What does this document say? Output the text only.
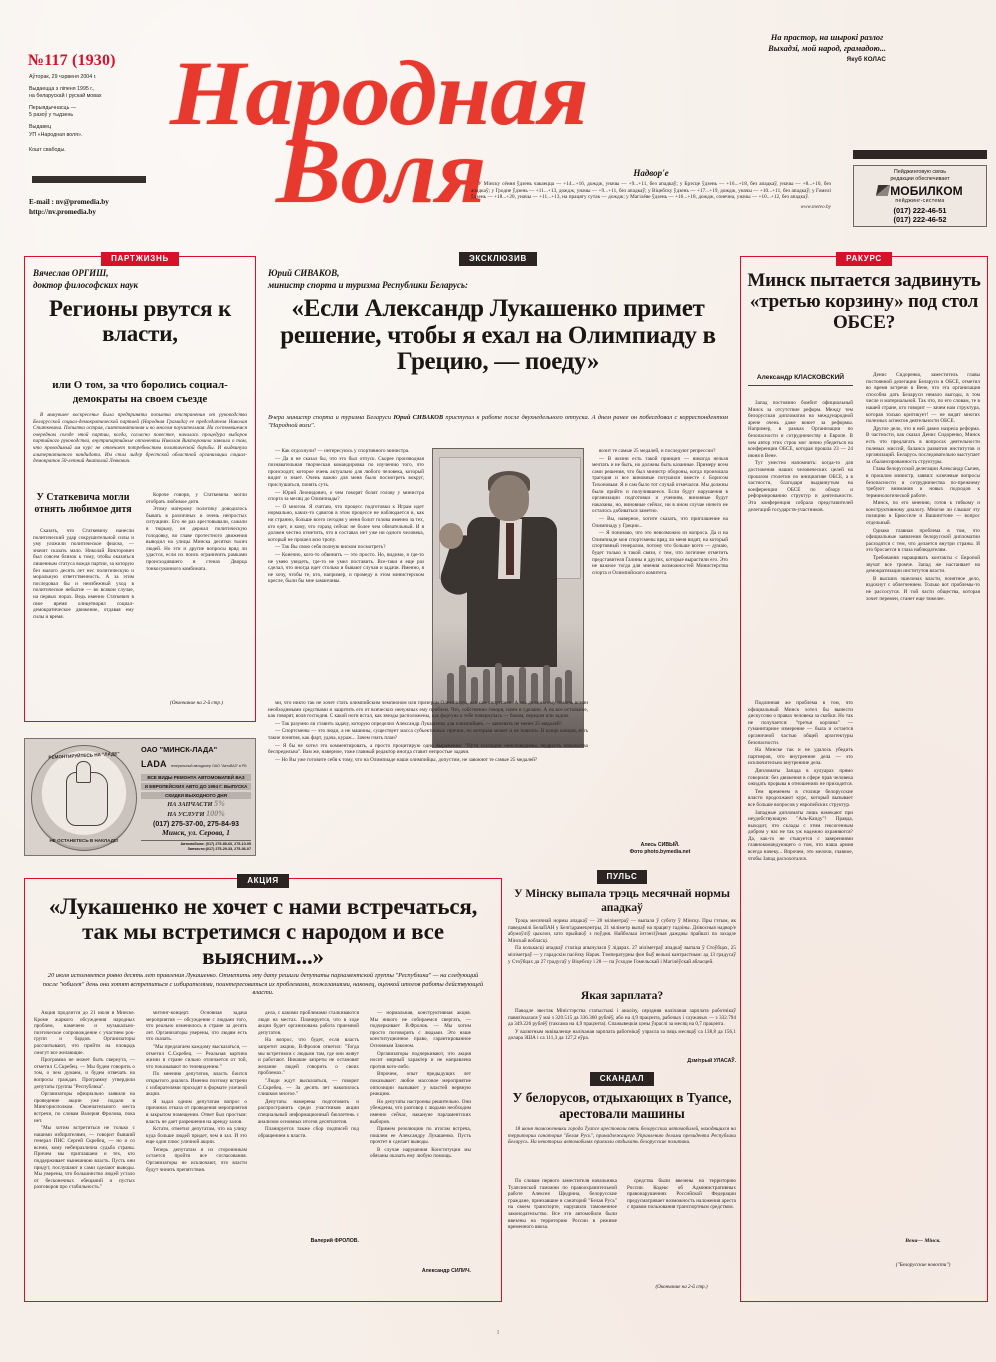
№117 (1930)
Аўторак, 29 чэрвеня 2004 г.
Выдаецца з лiпеня 1995 г.,
на беларускай i рускай мовах
Перыядычнасць —
5 разоў у тыдзень
Выдавец
УП «Народная воля».
Кошт свабоды.
E-mail : nv@promedia.by
http://nv.promedia.by
На прастор, на шырокi разлог
Выхадзi, мой народ, грамадою...
Якуб КОЛАС
Народная
Воля	Надвор'е

У Мiнску сёння ўдзень чакаецца — +14...+16, дождж, уначы — +9...+11, без ападкаў; у Брэсце ўдзень — +16...+18, без ападкаў, уначы — +8...+10, без ападкаў; у Гродне ўдзень — +11...+13, дождж, уначы — +9...+11, без ападкаў; у Вiцебску ўдзень — +17...+19, дождж, уначы — +10...+11, без ападкаў; у Гомелi ўдзень — +18...+20, уначы — +11...+13, на працягу сутак — дождж; у Магiлёве ўдзень — +16...+18, дождж, сонечна, уначы — +10...+12, без ападкаў.

www.meteo.by
Пейджинговую связь
редакции обеспечивает
МОБИЛКОМ
пейджинг-система
(017) 222-46-51
(017) 222-46-52
ПАРТЖИЗНЬ
Вячеслав ОРГИШ,
доктор философских наук
Регионы рвутся к власти,
или О том, за что боролись социал-демократы на своем съезде

В минувшее воскресенье была предпринята попытка отстранения от руководства Белорусской социал-демократической партией (Народная Грамада) ее председателя Николая Статкевича. Попытка острая, симптоматичная и во многом поучительная. На состоявшемся очередном съезде этой партии, когда, согласно повестке, началась процедура выборов партийного руководства, внутрипартийные оппоненты Николая Викторовича заявили о том, что проводимый им курс не отвечает потребностям политической борьбы. И выдвинули альтернативного кандидата. Им стал лидер брестской областной организации социал-демократов 50-летний Анатолий Левкович.

У Статкевича могли отнять любимое дитя

Сказать, что Статкевичу нанесли политический удар сокрушительной силы и уму уложили политическое фиаско, — значит сказать мало. Николай Викторович был совсем близок к тому, чтобы оказаться лишенным статуса вождя партии, за которую без малого десять лет нес политическую и моральную ответственность. А за этим последовал бы и неизбежный уход в политическое небытие — во всяком случае, на первых порах. Ведь именно Статкевич в свое время олицетворял социал-демократическое движение, отдавая ему силы и время.

Короче говоря, у Статкевича могли отобрать любимое дитя.

Этому матерому политику доводилось бывать в различных и очень непростых ситуациях. Его не раз арестовывали, сажали в тюрьму, он держал политическую голодовку, во главе протестного движения выводил на улицы Минска десятки тысяч людей. Но эти и другие вопросы вряд ли удастся, если их поиск ограничить рамками происходившего в стенах Дворца тонкосуконного комбината.

(Окончание на 2-й стр.)
РЕМОНТИРУЙТЕСЬ НА "ЛАДЕ"
НЕ ОСТАНЕТЕСЬ В НАКЛАДЕ!
ОАО "МИНСК-ЛАДА"
LADA генеральный автодилер ОАО "АвтоВАЗ" в РБ
ВСЕ ВИДЫ РЕМОНТА АВТОМОБИЛЕЙ ВАЗ
И ЕВРОПЕЙСКИХ АВТО ДО 1994 Г. ВЫПУСКА
СКИДКИ ВЫХОДНОГО ДНЯ
НА ЗАПЧАСТИ 5%
НА УСЛУГИ 100%
(017) 275-37-00, 275-84-93
Минск, ул. Серова, 1
Автомобили: (017) 275-85-60, 275-10-05
Запчасти:(017) 275-29-33, 275-36-07
ЭКСКЛЮЗИВ
Юрий СИВАКОВ,
министр спорта и туризма Республики Беларусь:
«Если Александр Лукашенко примет решение, чтобы я ехал на Олимпиаду в Грецию, — поеду»
Вчера министр спорта и туризма Беларуси Юрий СИВАКОВ приступил к работе после двухнедельного отпуска. А днем ранее он побеседовал с корреспондентом "Народной воли".

— Как отдохнули? — интересуюсь у спортивного министра.

— Да и не сказал бы, что это был отпуск. Скорее производная познавательная творческая командировка по изучению того, что происходит, которое очень актуально для любого человека, который видит и знает. Очень важно для меня было посмотреть вокруг, прислушаться, понять суть.

— Юрий Леонидович, о чем говорят болят голову у министра спорта за месяц до Олимпиады?

— О многом. Я считаю, что процесс подготовки к Играм идет нормально, каких-то сдвигов в этом процессе не наблюдается и, как ни странно, больше всего сегодня у меня болит голова именно за тех, кто едет, и кому, что горазд сейчас не более чем обязательный. И я должен честно отметить, что в составах нет уже ни одного человека, который не прошел всю тропу.

— Так Вы свою себя полную виском посмотреть?

— Конечно, кого-то обвинить — это просто. Но, видимо, я где-то не умею увидеть, где-то не умел поставить. Все-таки я еще раз сделал, что иногда идет столько и бывают случаи и задачи. Именно, я не хочу, чтобы те, кто, например, и промеду в этом министерском кресле, были бы мне заманчивы.

возит те самые 25 медалей, и последуют репрессии?

— В жизни есть такой принцип — никогда нельзя мечтать и не быть, но должны быть казанные. Примеру всем сами решения, что был министр обороны, когда произошла трагедия и все виновные потушили вместе с Борисом Тихоновым. Я и сам было тот случай отмечался. Мы должны были прийти и получившееся. Если будут нарушения в организации подготовки и учениям, виновные будут наказаны, но, виновные сейчас, ни в ином случае ничего не осталось добиваться заметно.

— Вы, наверное, хотите сказать, что приглашение на Олимпиаду у Греции...

— Я понимаю, что это невозможно из вопроса. Да и на Олимпиаде мои спортсмены вряд ли меня видят, на который спортивный генералом, потому что больше всего — думаю, будет только в такой связи, с тем, что логичнее отметить представителя Галины и других, которые вырастили его. Это не важное тогда для мнения возможностей Министерства спорта и Олимпийского комитета.

ми, что никто так не хочет стать олимпийским чемпионом или призером Олимпиады, как сам спортсмен. А мы должны ему помочь всеми необходимыми средствами и защитить его от всяческих ненужных ему проблем. Что, собственно говоря, нами и сделано. А на все остальное, как говорят, воля господня. С какой ноги встал, как звезды расположены, как фортуна к тебе повернулась — боком, передом или задом.

— Так разумно ли ставить задачу, которую определил Александр Лукашенко для олимпийцев, — завоевать не менее 25 медалей?

— Спортсмены — это люди, а не машины, существует масса субъективных причин, по которым может и не повезти. В конце концов, есть такие понятия, как фарт, удача, кураж... Зачем гнать план?

— Я бы не хотел это комментировать, а просто процитирую одно выражение: "Пути господни неисповедимы, мудрость начальства беспредельна". Вам же, наверное, тоже главный редактор иногда ставит непростые задачи.

— Но Вы уже готовите себя к тому, что на Олимпиаде наши олимпийцы, допустим, не завоюют те самые 25 медалей?

Алесь СИВЫЙ.
Фото photo.bymedia.net
ПУЛЬС
У Мiнску выпала трэць месячнай нормы ападкаў

Трэць месячнай нормы ападкаў — 28 мiлiметраў — выпала ў суботу ў Мiнску. Пры гэтым, як паведамiлi БелаПАН у Белгiдрамецэнтры, 21 мiлiметр выпаў на працягу гадзiны. Дзiвосныя надвор'е абумоўлiў цыклон, што прыйшоў з поўдня. Найбольш iнтэнсiўныя дажджы прайшлi па захадзе Мiнскай вобласцi.

Па колькасцi ападкаў сталiца апынулася ў лiдарах. 27 мiлiметраў ападкаў выпала ў Стоўбцах, 25 мiлiметраў — у гарадскiм пасёлку Нарач. Тэмпературны фон быў вельмi кантрастным: ад 13 градусаў у Стоўбцах да 27 градусаў у Вiцебску i 28 — па ўсходзе Гомельскай i Магiлёўскай абласцей.

Якая зарплата?

Паводле звестак Мiнiстэрства статыстыкi i аналiзу, сярэдняя налiчаная зарплата работнiкаў павялiчылася ў маi з 320.515 да 336.360 рублёў, або на 4,9 працэнта, рабочых i служачых — з 332.794 да 349.226 рублёў (таксама на 4,9 працэнта). Спажывецкiя цэны ўзраслi за месяц на 0,7 працэнта.

У валютным эквiваленце налiчаная зарплата работнiкаў узрасла за пяць месяцаў са 138,8 да 156,1 долара ЗША i са 111,3 да 127,2 еўра.

Дзмiтрый УЛАСАЎ.
СКАНДАЛ
У белорусов, отдыхающих в Туапсе, арестовали машины

18 июня таможенники города Туапсе арестовали пять белорусских автомобилей, находящихся на территории санатория "Белая Русь", принадлежащего Управлению делами президента Республики Беларусь. На некоторых автомобилях приехали отдыхать белорусские политики.

По словам первого заместителя начальника Туапсинской таможни по правоохранительной работе Алексея Щедрина, белорусские граждане, приехавшие в санаторий "Белая Русь" на своем транспорте, нарушили таможенное законодательство. Все эти автомобили были ввезены на территорию России в режиме временного ввоза.

средства были ввезены на территорию России. Кодекс об Административных правонарушениях Российской Федерации предусматривает возможность наложения ареста с правом пользования транспортным средством.

(Окончание на 2-й стр.)
АКЦИЯ
«Лукашенко не хочет с нами встречаться, так мы встретимся с народом и все выясним...»
20 июля исполняется ровно десять лет правления Лукашенко. Отметить эту дату решили депутаты парламентской группы "Республика" — на следующий после "юбилея" день они хотят встретиться с избирателями, поинтересоваться их проблемами, пожеланиями, наконец, оценкой итогов работы действующей власти.

Акция продлится до 21 июля в Минске. Кроме жаркого обсуждения народных проблем, намечено и музыкально-поэтическое сопровождение с участием рок-групп и бардов. Организаторы рассчитывают, что прийти на площадь смогут все желающие.

Программа не может быть свернута, — отметил С.Скребец. — Мы будем говорить о том, о чем думаем, и будем отвечать на вопросы граждан. Программу утвердили депутаты группы "Республика".

Организаторы официально заявили на проведение акции уже подали в Мингорисполком. Окончательного места встречи, по словам Валерия Фролова, пока нет.

"Мы хотим встретиться не только с нашими избирателями, — говорит бывший генерал ПНС Сергей Скребец, — но и со всеми, кому небезразлична судьба страны. Причем мы приглашаем и тех, кто поддерживает нынешнюю власть. Пусть они придут, послушают и сами сделают выводы. Мы уверены, что большинство людей устало от бесконечных обещаний и пустых разговоров про стабильность."

митинг-концерт. Основная задача мероприятия — обсуждение с людьми того, что реально изменилось в стране за десять лет. Организаторы уверены, что людям есть что сказать.

"Мы предлагаем каждому высказаться, — отметил С.Скребец. — Реальная картина жизни в стране сильно отличается от той, что показывают по телевидению."

По мнению депутатов, власть боится открытого диалога. Именно поэтому встречи с избирателями проходят в формате уличной акции.

Я задал одним депутатам вопрос о причинах отказа от проведения мероприятия в закрытом помещении. Ответ был простым: власть не дает разрешения на аренду залов.

Кстати, отметил депутатам, что на улицу куда больше людей придет, чем в зал. И это еще один плюс уличной акции.

Теперь депутатам и их сторонникам остается пройти все согласования. Организаторы не исключают, что власти будут чинить препятствия.

дела, с какими проблемами сталкиваются люди на местах. Планируется, что в ходе акции будет организована работа приемной депутатов.

На вопрос, что будет, если власть запретит акцию, В.Фролов ответил: "Тогда мы встретимся с людьми там, где они живут и работают. Никакие запреты не остановят желание людей говорить о своих проблемах."

"Люди ждут высказаться, — говорит С.Скребец. — За десять лет накопилось слишком многое."

Депутаты намерены подготовить и распространить среди участников акции специальный информационный бюллетень с анализом основных итогов десятилетия.

Планируется также сбор подписей под обращением к власти.

— нормальная, конструктивная акция. Мы никого не собираемся свергать, — подчеркивает В.Фролов. — Мы хотим просто поговорить с людьми. Это наше конституционное право, гарантированное Основным Законом.

Организаторы подчеркивают, что акция носит мирный характер и не направлена против кого-либо.

Впрочем, опыт предыдущих лет показывает: любое массовое мероприятие оппозиции вызывает у властей нервную реакцию.

Но депутаты настроены решительно. Они убеждены, что разговор с людьми необходим именно сейчас, накануне парламентских выборов.

Примем резолюцию по итогам встреча, пошлем ее Александру Лукашенко. Пусть прочтет и сделает выводы.

В случае нарушения Конституции мы обязаны оказать ему любую помощь.

Валерий ФРОЛОВ.
Александр СИЛИЧ.
РАКУРС
Минск пытается задвинуть «третью корзину» под стол ОБСЕ?
Александр КЛАСКОВСКИЙ

Запад постоянно бомбит официальный Минск за отсутствие реформ. Между тем белорусская дипломатия на международной арене очень даже воюет за реформы. Например, в рамках Организации по безопасности и сотрудничеству в Европе. В чем автор этих строк мог лично убедиться на конференции ОБСЕ, которая прошла 23 — 24 июня в Вене.

Тут уместно напомнить: когда-то для достижения наших человеческих целей на прошлом столетии по инициативе ОБСЕ, а в частности, благодаря выдвинутым на конференции ОБСЕ по обзору и реформированию структур и деятельности. Эта конференция собрала представителей делегаций государств-участников.

Денис Сидоренко, заместитель главы постоянной делегации Беларуси в ОБСЕ, отметил во время встречи в Вене, что эта организация способна дать Беларуси немало выгоды, в том числе и материальной. Так что, по его словам, те в нашей стране, кто говорит — зачем нам структура, которая только критикует! — не видят многих полезных аспектов деятельности ОБСЕ.

Другое дело, что в ней давно назрела реформа. В частности, как сказал Денис Сидоренко, Минск есть что предлагать в вопросах деятельности полевых миссий, баланса развития институтов и организаций. Беларусь последовательно выступает за сбалансированность структуры.

Глава белорусской делегации Александр Сычев, в прошлом министр, заявил: ключевые вопросы безопасности и сотрудничества по-прежнему требуют внимания и новых подходов к терминологической работе.

Минск, по его мнению, готов к гибкому и конструктивному диалогу. Многие ли слышат эту позицию в Брюсселе и Вашингтоне — вопрос отдельный.

Однако главная проблема в том, что официальные заявления белорусской дипломатии расходятся с тем, что делается внутри страны. И это бросается в глаза наблюдателям.

Требования наращивать контакты с Европой звучат все громче. Запад же настаивает на демократизации институтов власти.

В высших эшелонах власти, понятное дело, вздохнут с облегчением. Только вот проблемы-то не рассосутся. И той части общества, которая хочет перемен, станет еще тяжелее.

Подлинная же проблема в том, что официальный Минск хотел бы вынести дискуссию о правах человека за скобки. Но так не получается: "третья корзина" — гуманитарное измерение — была и остается органичной частью общей архитектуры безопасности.

На Минске так и не удалось убедить партнеров, что внутренние дела — это исключительно внутренние дела.

Дипломаты Запада в кулуарах прямо говорили: без движения в сфере прав человека ожидать прорыва в отношениях не приходится.

Тем временем в столице белорусские власти продолжают курс, который вызывает все больше вопросов у европейских структур.

Западные дипломаты лишь намекают при неудобствующую "Аль-Каиду"! Правда, выходит, что склады с этим гексогенным добром у нас не так уж надежно охраняются? Да, как-то не стыкуется с заверениями главнокомандующего о том, что наша армия всегда начеку... Впрочем, это мелочи, главное, чтобы Запад расхохотался.

Вена— Мiнск.
("Белорусские новости")
1
